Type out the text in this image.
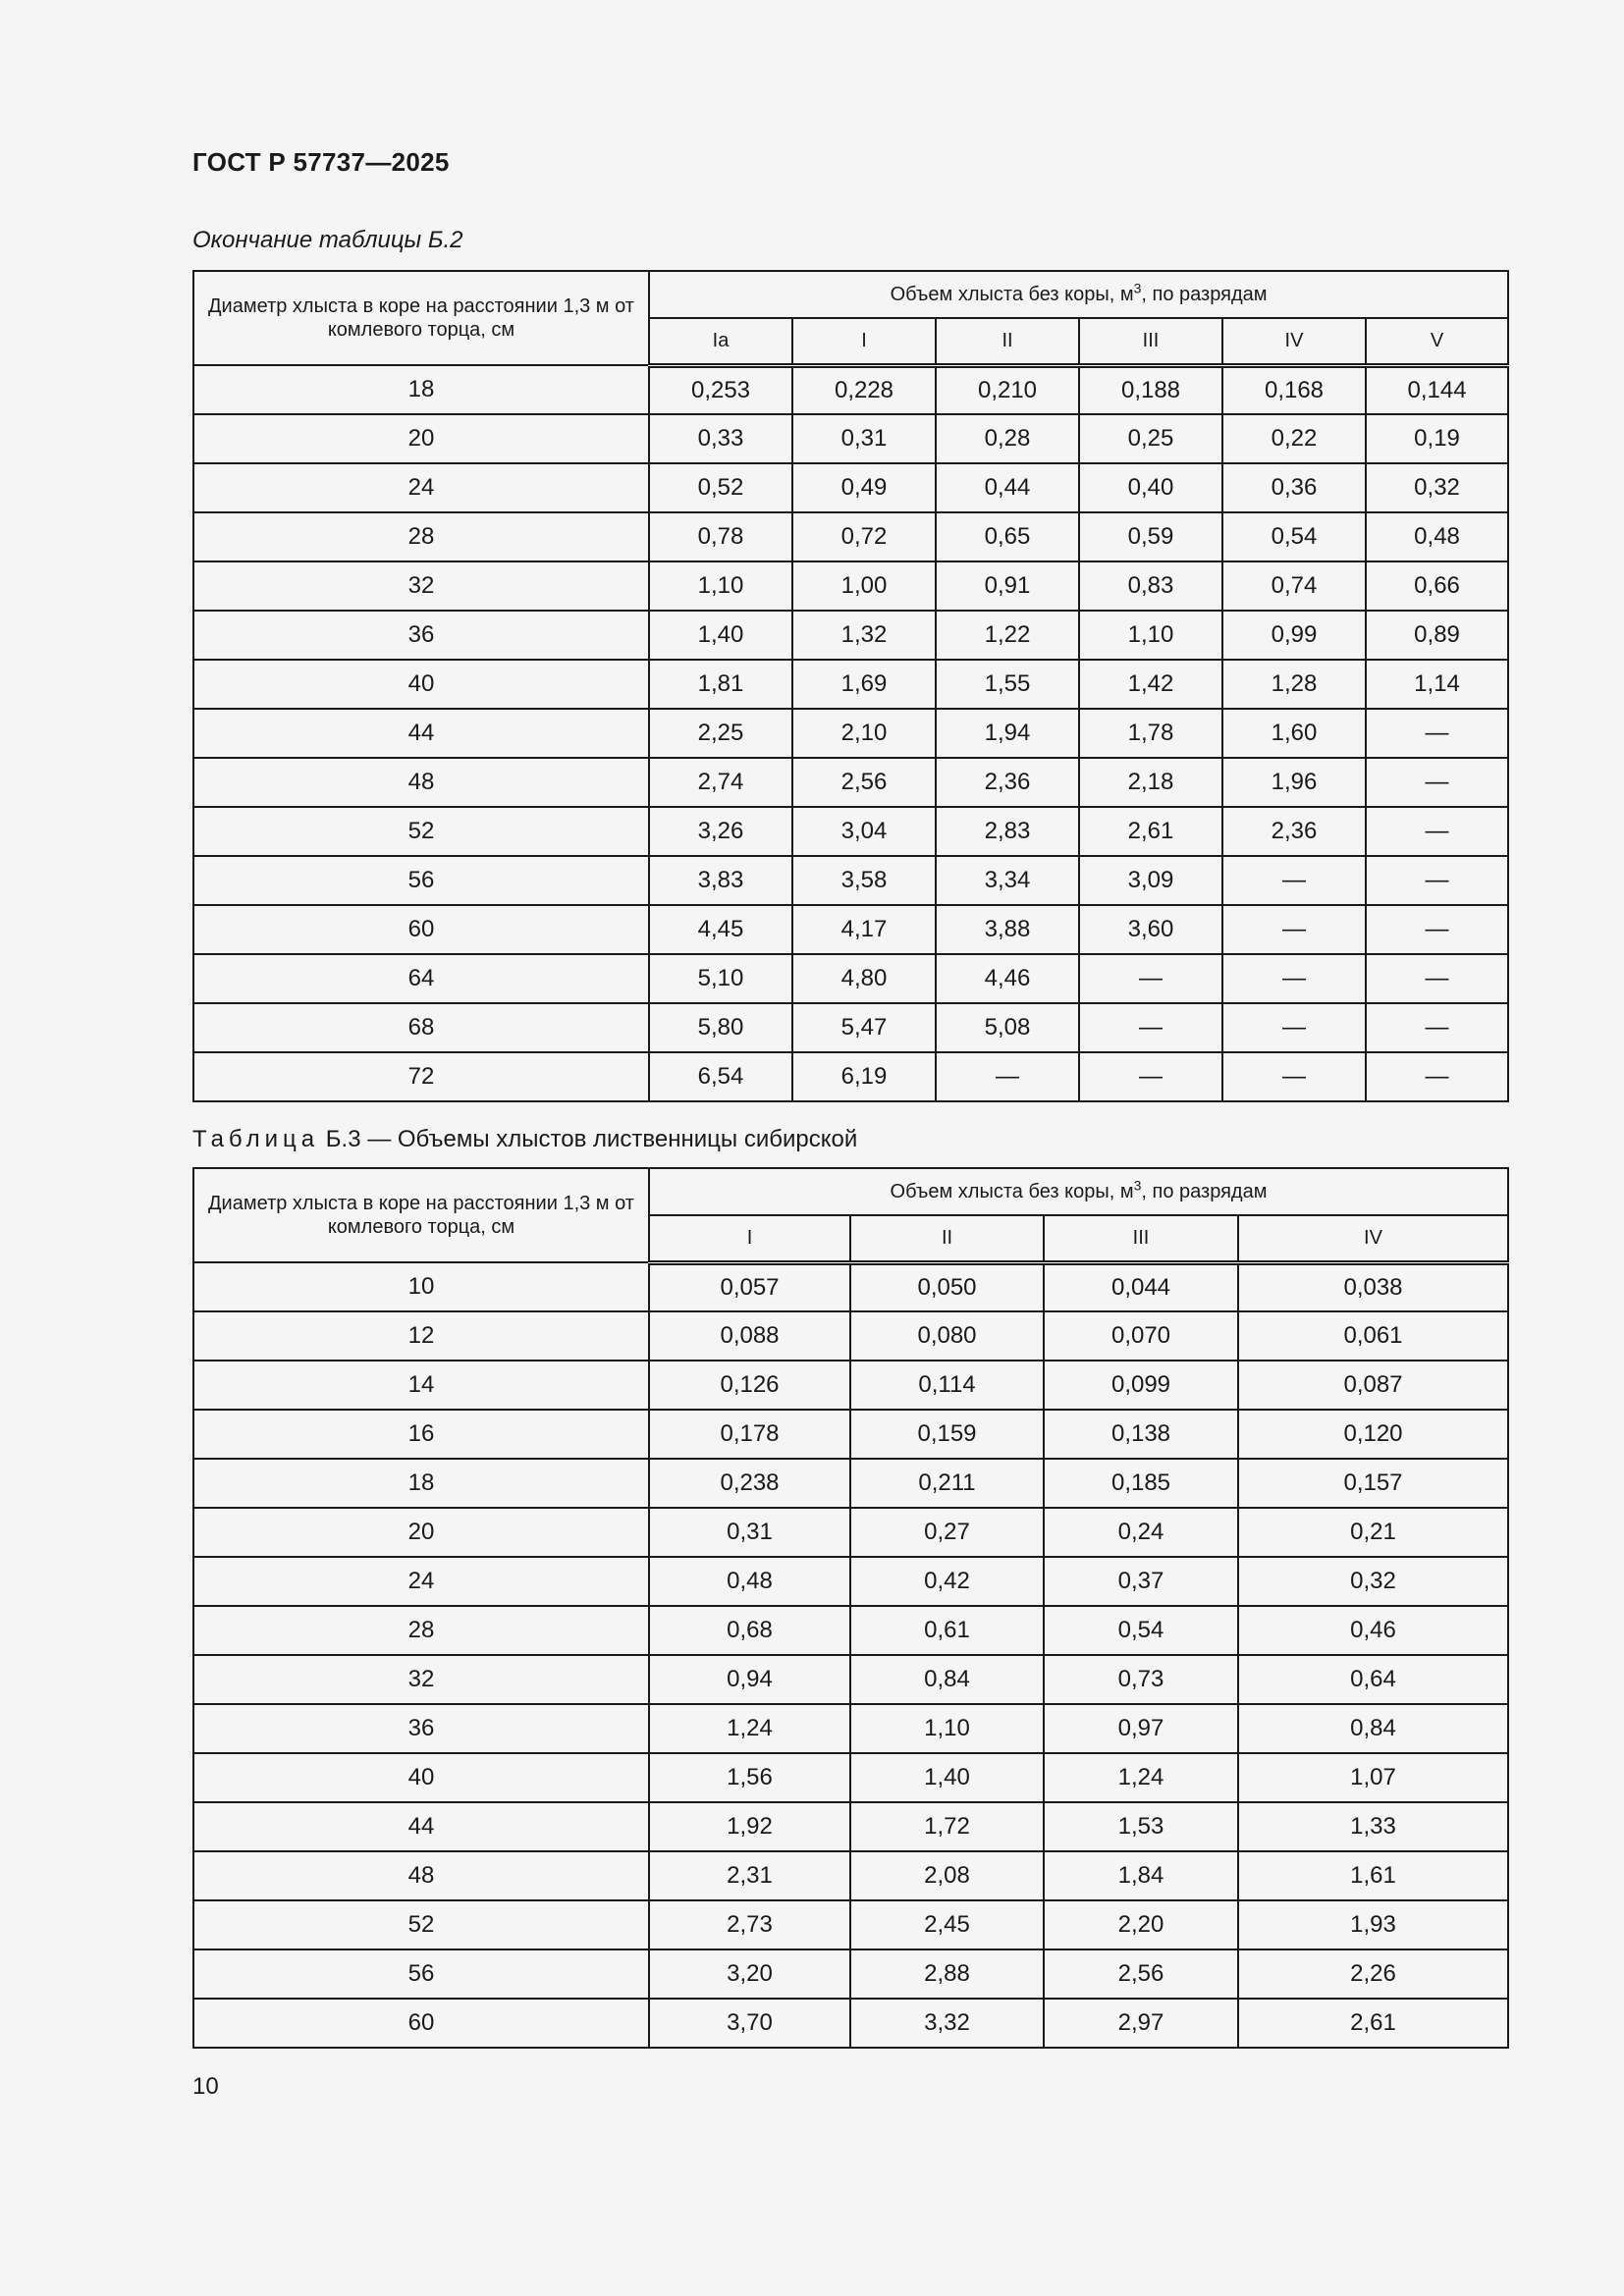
ГОСТ Р 57737—2025
Окончание таблицы Б.2
Диаметр хлыста в коре на расстоянии 1,3 м от комлевого торца, см	Объем хлыста без коры, $м^3$, по разрядам					
	Ia	I	II	III	IV	V
18	0,253	0,228	0,210	0,188	0,168	0,144
20	0,33	0,31	0,28	0,25	0,22	0,19
24	0,52	0,49	0,44	0,40	0,36	0,32
28	0,78	0,72	0,65	0,59	0,54	0,48
32	1,10	1,00	0,91	0,83	0,74	0,66
36	1,40	1,32	1,22	1,10	0,99	0,89
40	1,81	1,69	1,55	1,42	1,28	1,14
44	2,25	2,10	1,94	1,78	1,60	—
48	2,74	2,56	2,36	2,18	1,96	—
52	3,26	3,04	2,83	2,61	2,36	—
56	3,83	3,58	3,34	3,09	—	—
60	4,45	4,17	3,88	3,60	—	—
64	5,10	4,80	4,46	—	—	—
68	5,80	5,47	5,08	—	—	—
72	6,54	6,19	—	—	—	—
Таблица Б.3 — Объемы хлыстов лиственницы сибирской
Диаметр хлыста в коре на расстоянии 1,3 м от комлевого торца, см	Объем хлыста без коры, $м^3$, по разрядам			
	I	II	III	IV
10	0,057	0,050	0,044	0,038
12	0,088	0,080	0,070	0,061
14	0,126	0,114	0,099	0,087
16	0,178	0,159	0,138	0,120
18	0,238	0,211	0,185	0,157
20	0,31	0,27	0,24	0,21
24	0,48	0,42	0,37	0,32
28	0,68	0,61	0,54	0,46
32	0,94	0,84	0,73	0,64
36	1,24	1,10	0,97	0,84
40	1,56	1,40	1,24	1,07
44	1,92	1,72	1,53	1,33
48	2,31	2,08	1,84	1,61
52	2,73	2,45	2,20	1,93
56	3,20	2,88	2,56	2,26
60	3,70	3,32	2,97	2,61
10
